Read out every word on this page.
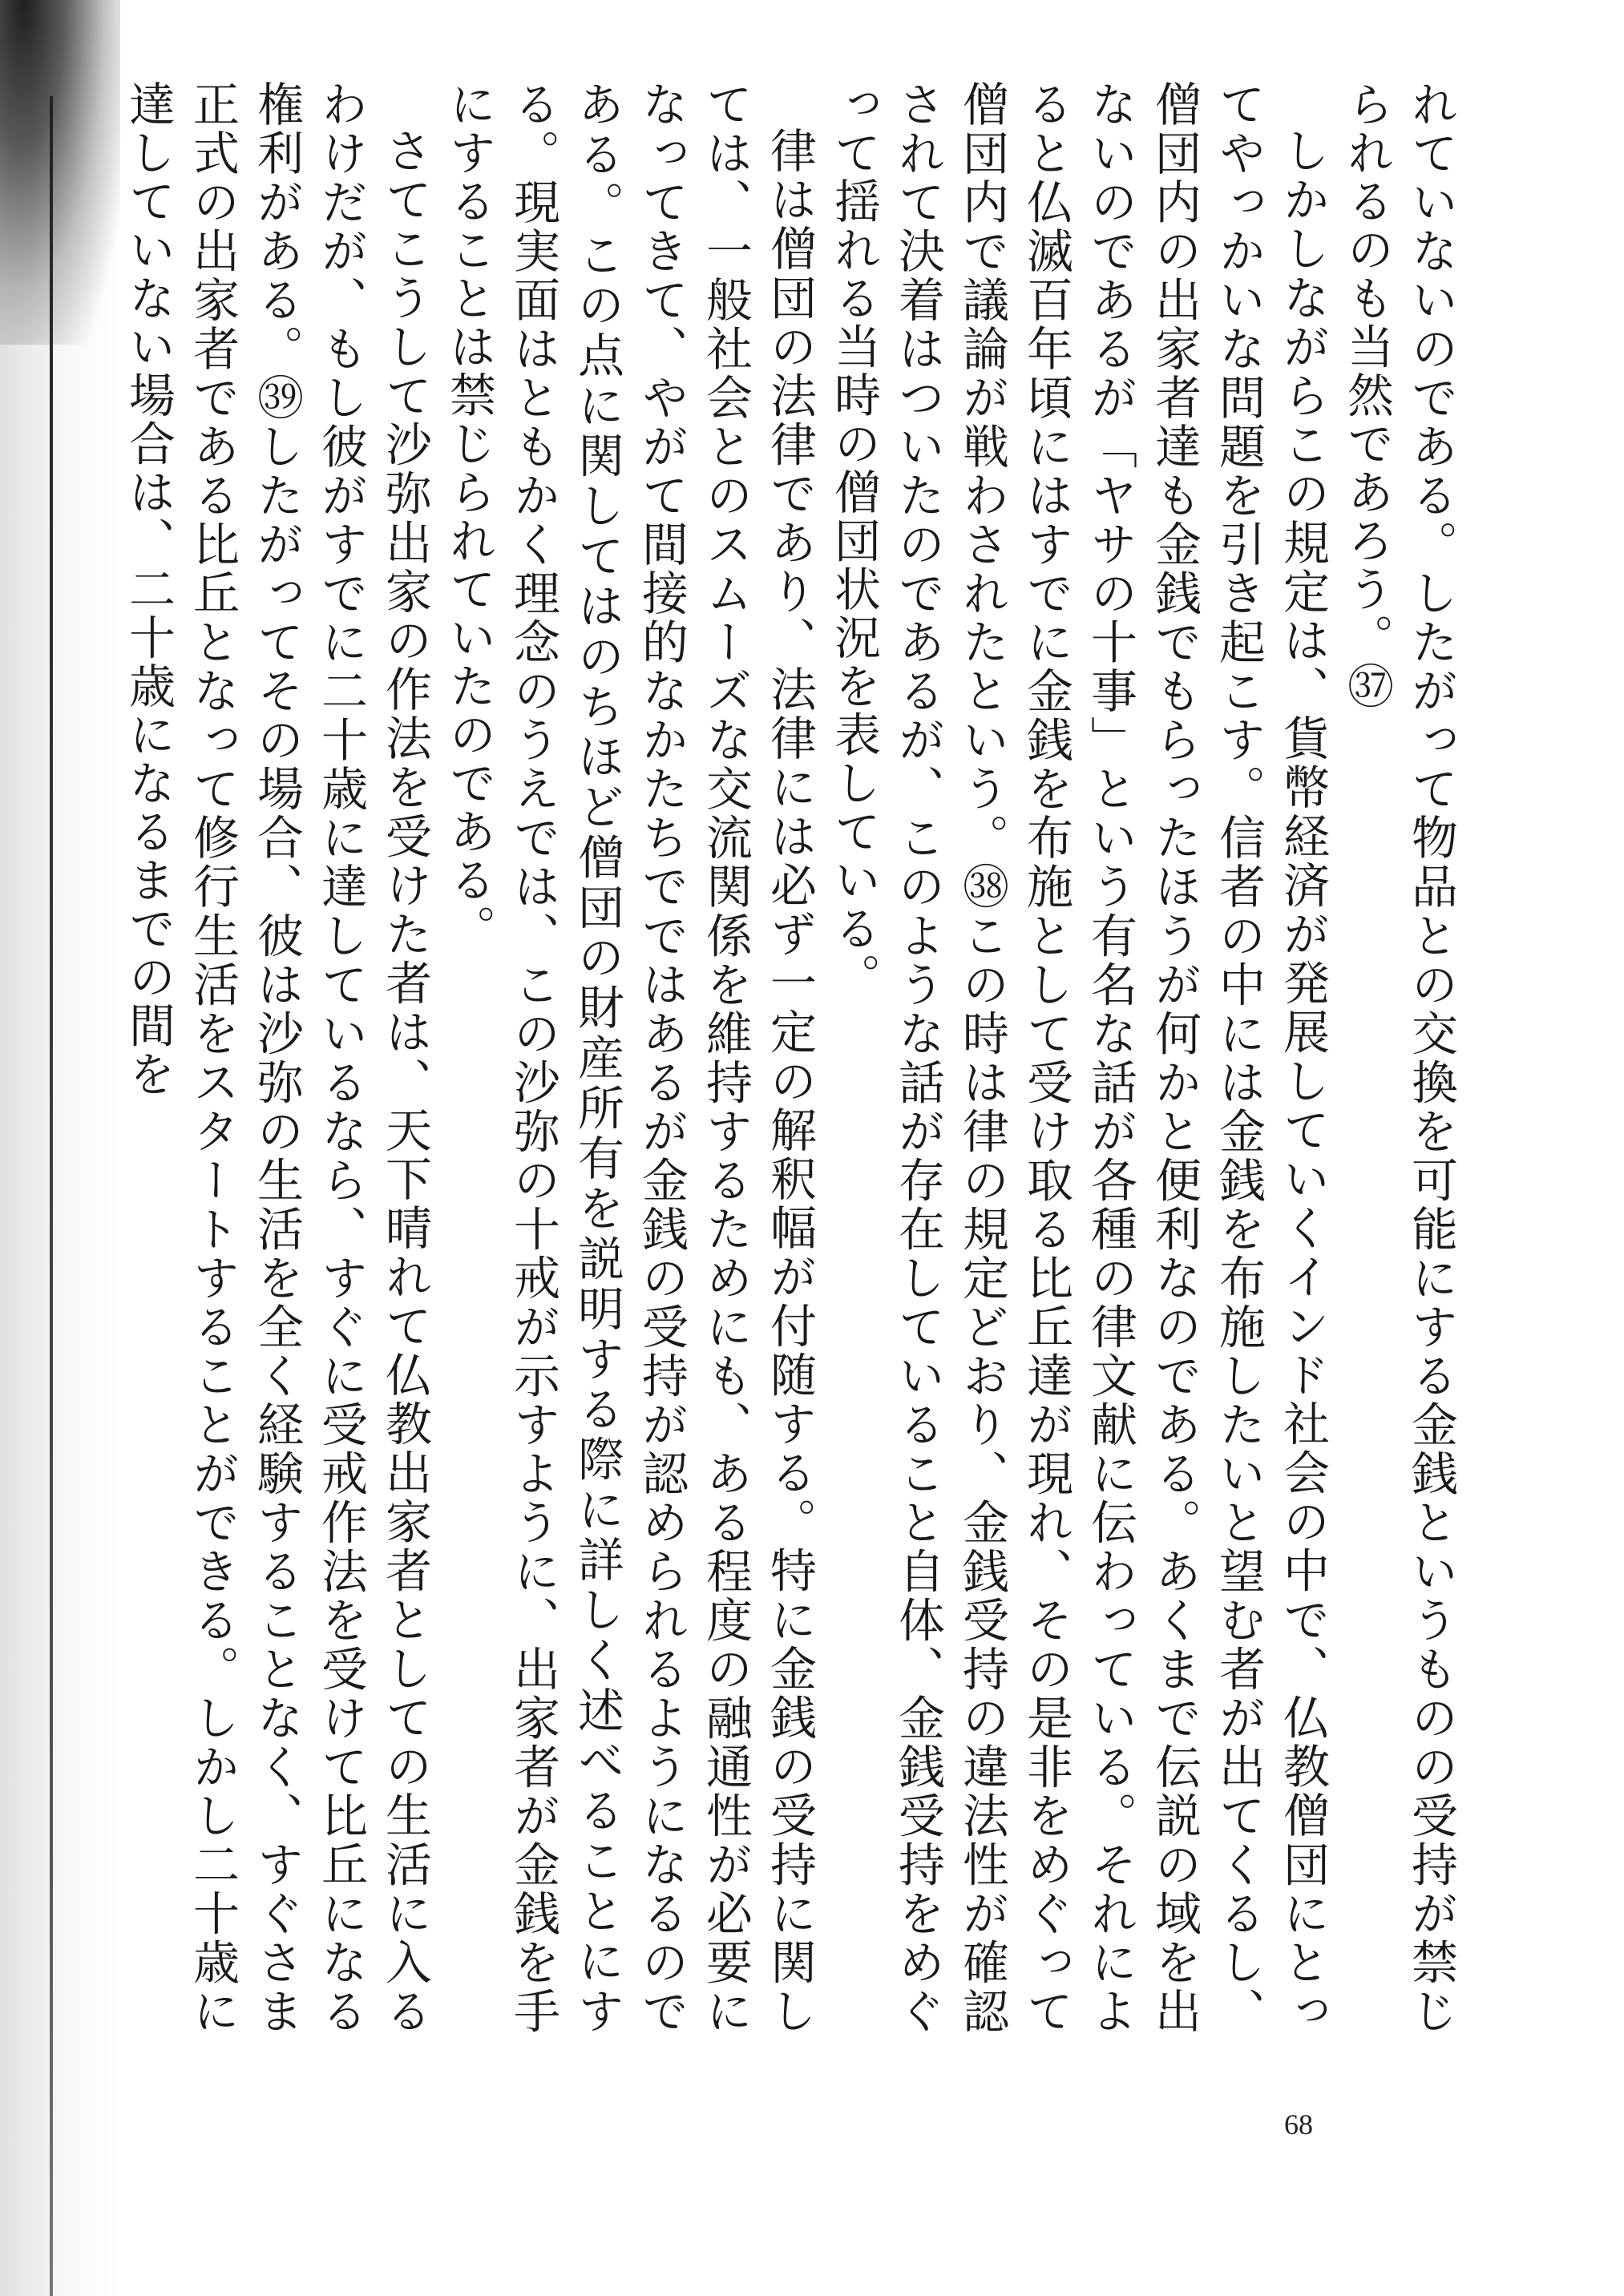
れていないのである。したがって物品との交換を可能にする金銭というものの受持が禁じられるのも当然であろう。㊲

しかしながらこの規定は、貨幣経済が発展していくインド社会の中で、仏教僧団にとってやっかいな問題を引き起こす。信者の中には金銭を布施したいと望む者が出てくるし、僧団内の出家者達も金銭でもらったほうが何かと便利なのである。あくまで伝説の域を出ないのであるが「ヤサの十事」という有名な話が各種の律文献に伝わっている。それによると仏滅百年頃にはすでに金銭を布施として受け取る比丘達が現れ、その是非をめぐって僧団内で議論が戦わされたという。㊳この時は律の規定どおり、金銭受持の違法性が確認されて決着はついたのであるが、このような話が存在していること自体、金銭受持をめぐって揺れる当時の僧団状況を表している。

律は僧団の法律であり、法律には必ず一定の解釈幅が付随する。特に金銭の受持に関しては、一般社会とのスムーズな交流関係を維持するためにも、ある程度の融通性が必要になってきて、やがて間接的なかたちでではあるが金銭の受持が認められるようになるのである。この点に関してはのちほど僧団の財産所有を説明する際に詳しく述べることにする。現実面はともかく理念のうえでは、この沙弥の十戒が示すように、出家者が金銭を手にすることは禁じられていたのである。

さてこうして沙弥出家の作法を受けた者は、天下晴れて仏教出家者としての生活に入るわけだが、もし彼がすでに二十歳に達しているなら、すぐに受戒作法を受けて比丘になる権利がある。㊴したがってその場合、彼は沙弥の生活を全く経験することなく、すぐさま正式の出家者である比丘となって修行生活をスタートすることができる。しかし二十歳に達していない場合は、二十歳になるまでの間を

68
